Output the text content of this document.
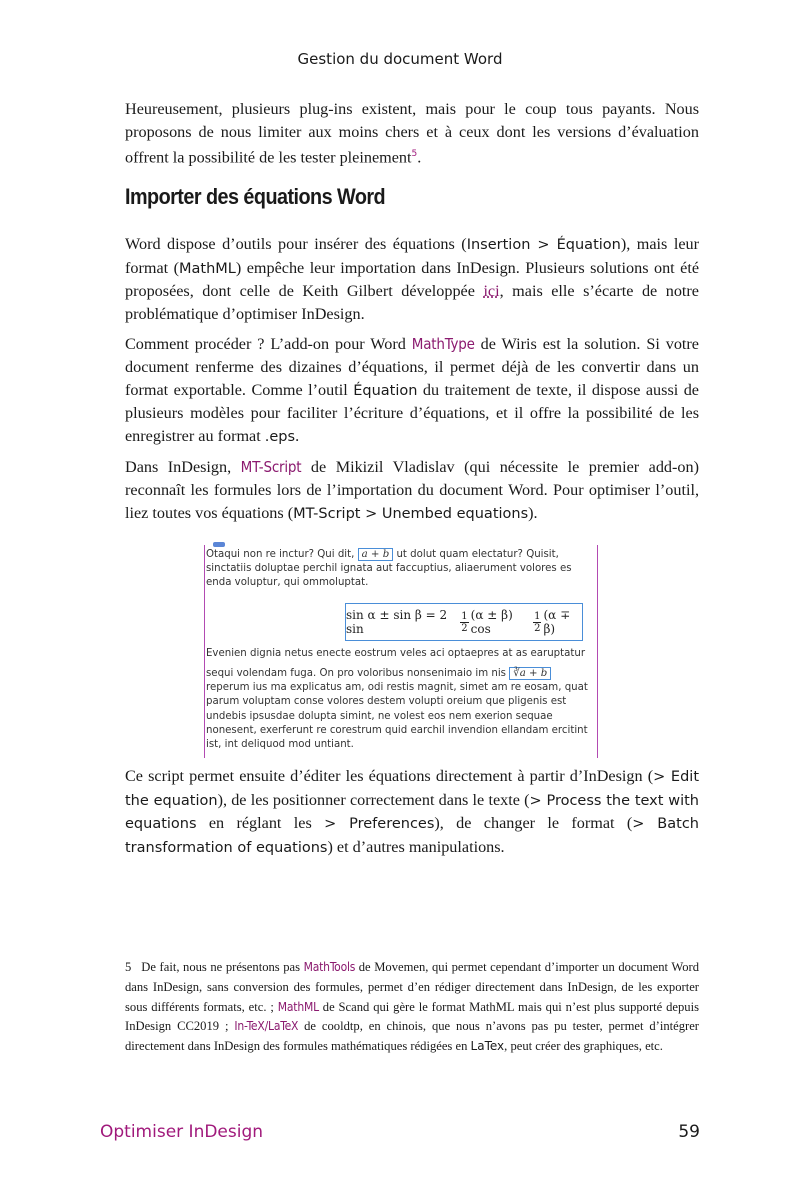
Gestion du document Word

Heureusement, plusieurs plug-ins existent, mais pour le coup tous payants. Nous proposons de nous limiter aux moins chers et à ceux dont les versions d’évaluation offrent la possibilité de les tester pleinement$^5$.

Importer des équations Word

Word dispose d’outils pour insérer des équations (Insertion > Équation), mais leur format (MathML) empêche leur importation dans InDesign. Plusieurs solutions ont été proposées, dont celle de Keith Gilbert développée ici, mais elle s’écarte de notre problématique d’optimiser InDesign.

Comment procéder ? L’add-on pour Word MathType de Wiris est la solution. Si votre document renferme des dizaines d’équations, il permet déjà de les convertir dans un format exportable. Comme l’outil Équation du traitement de texte, il dispose aussi de plusieurs modèles pour faciliter l’écriture d’équations, et il offre la possibilité de les enregistrer au format .eps.

Dans InDesign, MT-Script de Mikizil Vladislav (qui nécessite le premier add-on) reconnaît les formules lors de l’importation du document Word. Pour optimiser l’outil, liez toutes vos équations (MT-Script > Unembed equations).

Otaqui non re inctur? Qui dit, a + b ut dolut quam electatur? Quisit, sinctatiis doluptae perchil ignata aut faccuptius, aliaerument volores es enda voluptur, qui ommoluptat.

sin α ± sin β = 2 sin	$\frac{1}{2} (\alpha \pm \beta)$ cos	$\frac{1}{2} (\alpha \mp \beta)$

Evenien dignia netus enecte eostrum veles aci optaepres at as earuptatur

sequi volendam fuga. On pro voloribus nonsenimaio im nis ∛a + b reperum ius ma explicatus am, odi restis magnit, simet am re eosam, quat parum voluptam conse volores destem volupti oreium que pligenis est undebis ipsusdae dolupta simint, ne volest eos nem exerion sequae nonesent, exerferunt re corestrum quid earchil invendion ellandam ercitint ist, int deliquod mod untiant.

Ce script permet ensuite d’éditer les équations directement à partir d’InDesign (> Edit the equation), de les positionner correctement dans le texte (> Process the text with equations en réglant les > Preferences), de changer le format (> Batch transformation of equations) et d’autres manipulations.

5 De fait, nous ne présentons pas MathTools de Movemen, qui permet cependant d’importer un document Word dans InDesign, sans conversion des formules, permet d’en rédiger directement dans InDesign, de les exporter sous différents formats, etc. ; MathML de Scand qui gère le format MathML mais qui n’est plus supporté depuis InDesign CC2019 ; In-TeX/LaTeX de cooldtp, en chinois, que nous n’avons pas pu tester, permet d’intégrer directement dans InDesign des formules mathématiques rédigées en LaTex, peut créer des graphiques, etc.
Optimiser InDesign	59
